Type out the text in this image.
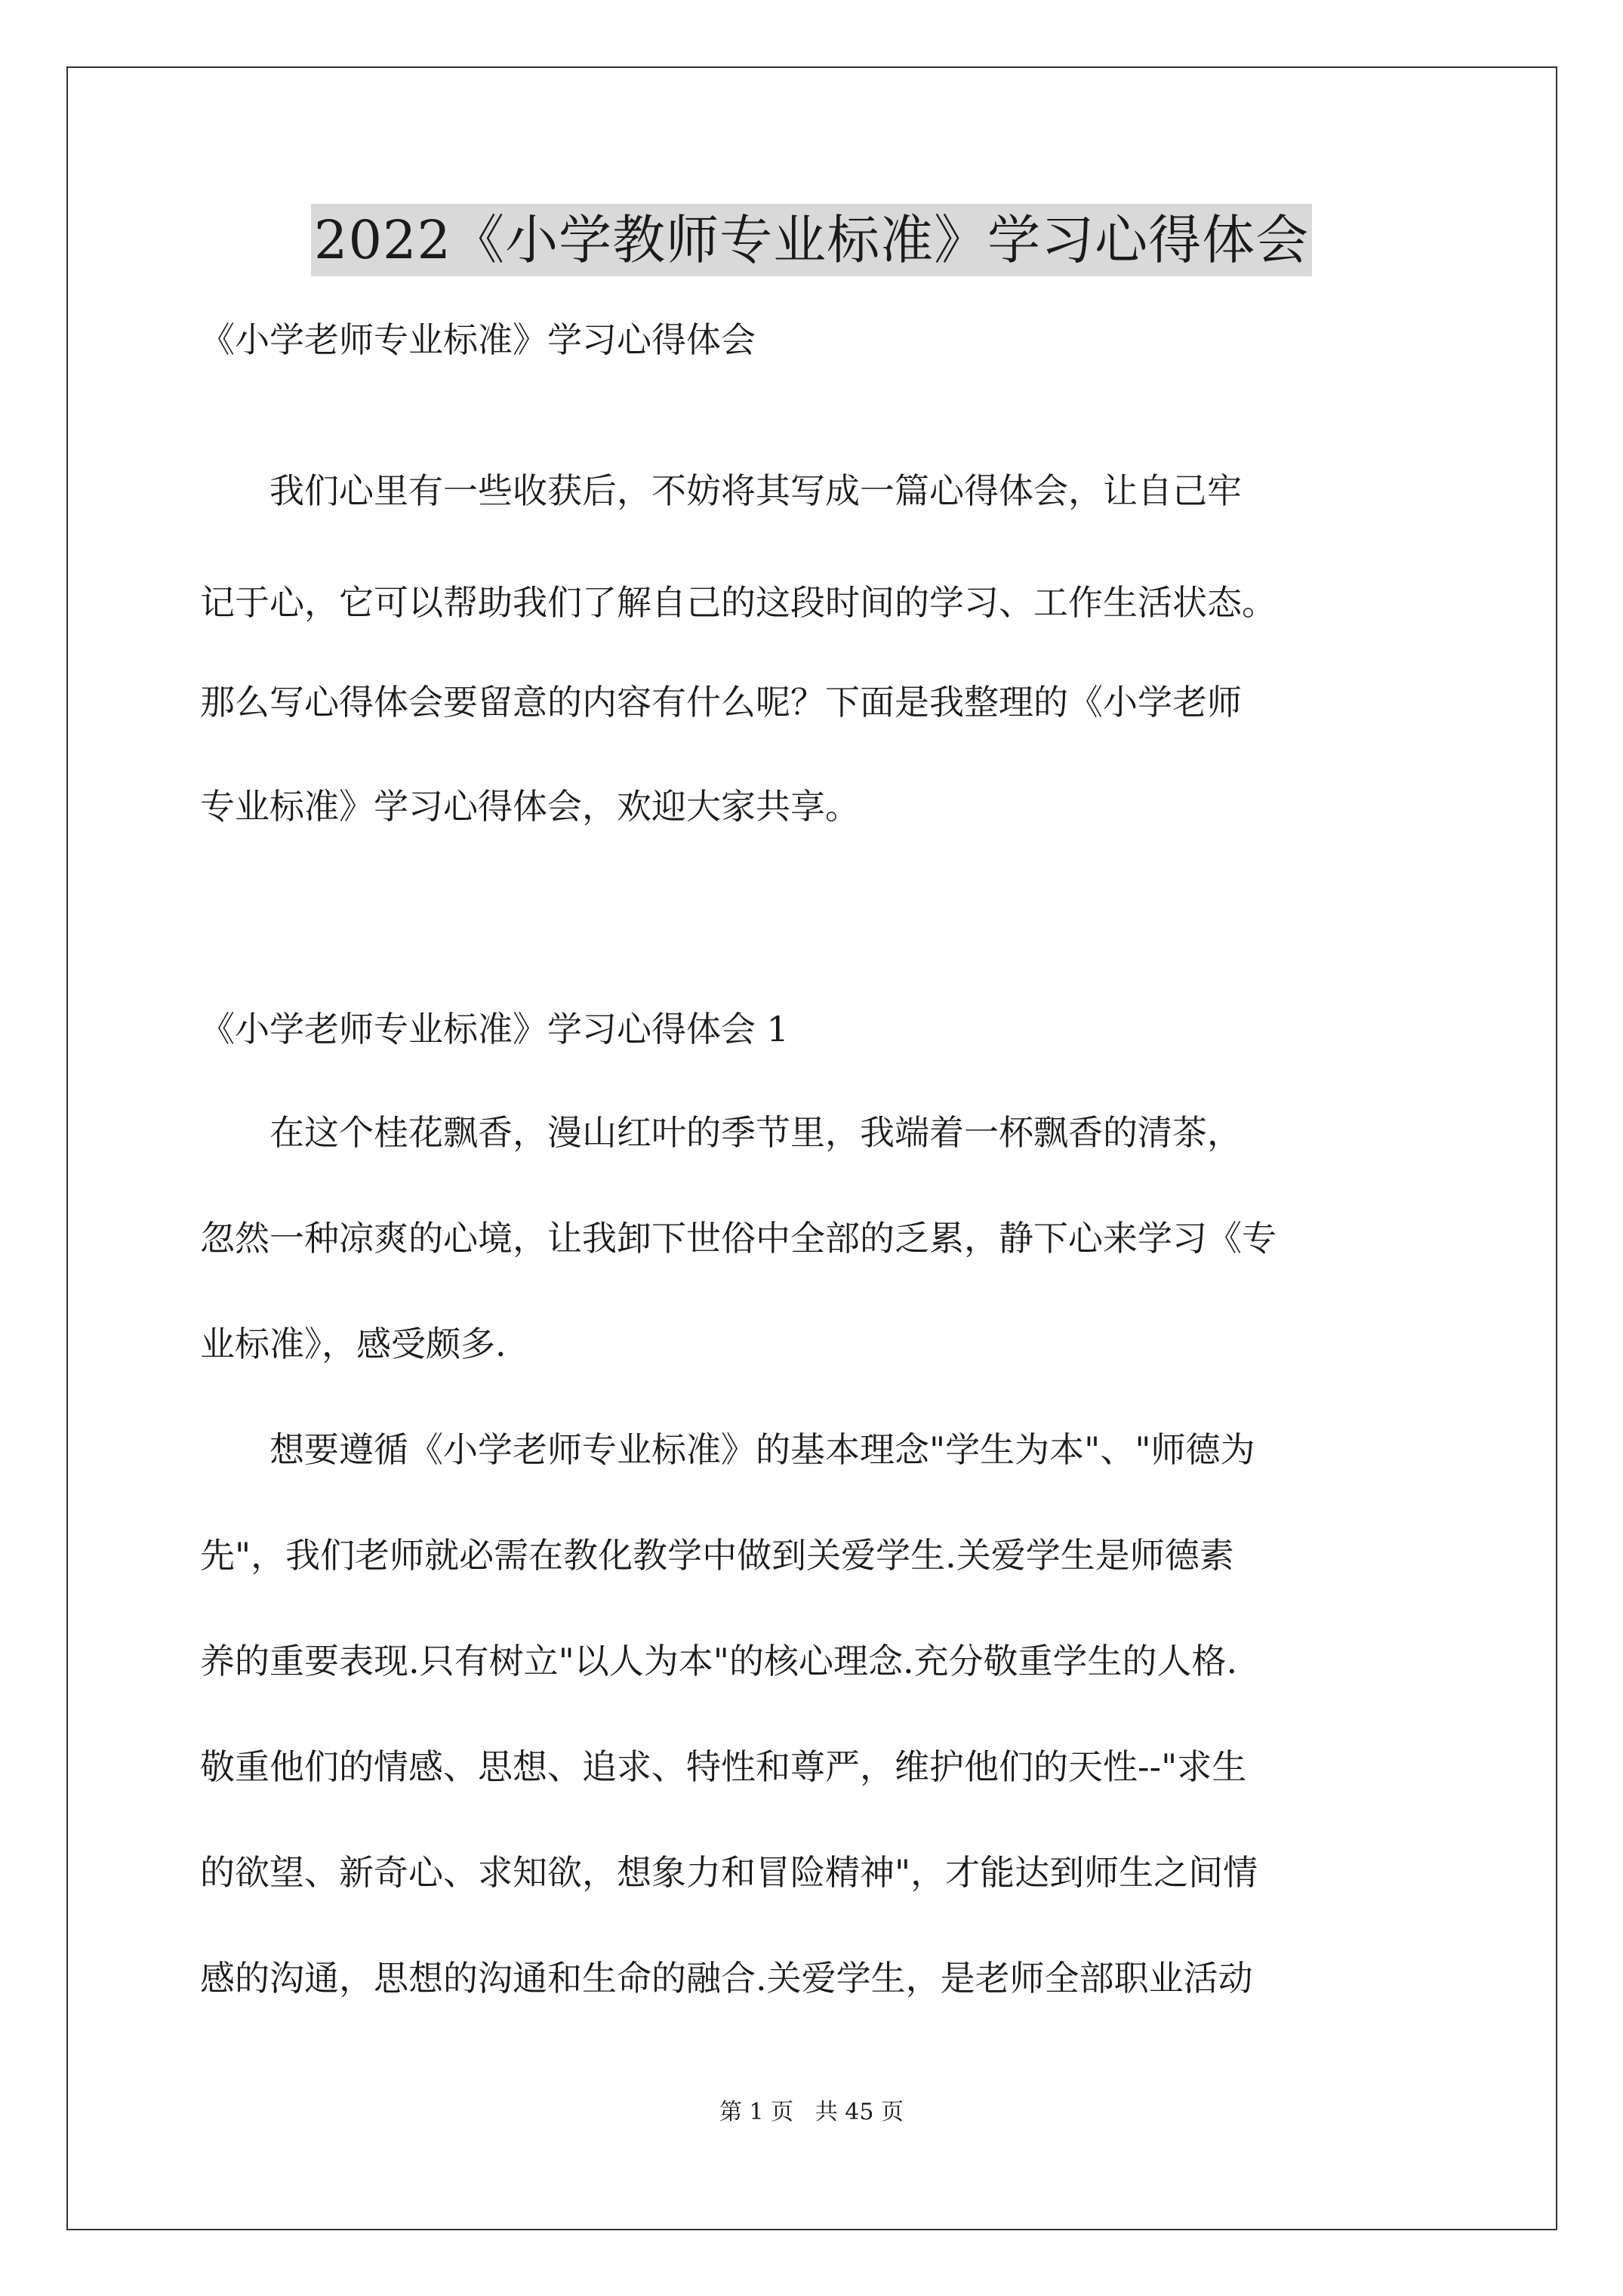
2022《小学教师专业标准》学习心得体会
《小学老师专业标准》学习心得体会
　　我们心里有一些收获后，不妨将其写成一篇心得体会，让自己牢
记于心，它可以帮助我们了解自己的这段时间的学习、工作生活状态。
那么写心得体会要留意的内容有什么呢？下面是我整理的《小学老师
专业标准》学习心得体会，欢迎大家共享。
《小学老师专业标准》学习心得体会 1
　　在这个桂花飘香，漫山红叶的季节里，我端着一杯飘香的清茶，
忽然一种凉爽的心境，让我卸下世俗中全部的乏累，静下心来学习《专
业标准》，感受颇多.
　　想要遵循《小学老师专业标准》的基本理念"学生为本"、"师德为
先"，我们老师就必需在教化教学中做到关爱学生.关爱学生是师德素
养的重要表现.只有树立"以人为本"的核心理念.充分敬重学生的人格.
敬重他们的情感、思想、追求、特性和尊严，维护他们的天性--"求生
的欲望、新奇心、求知欲，想象力和冒险精神"，才能达到师生之间情
感的沟通，思想的沟通和生命的融合.关爱学生，是老师全部职业活动
第 1 页   共 45 页
